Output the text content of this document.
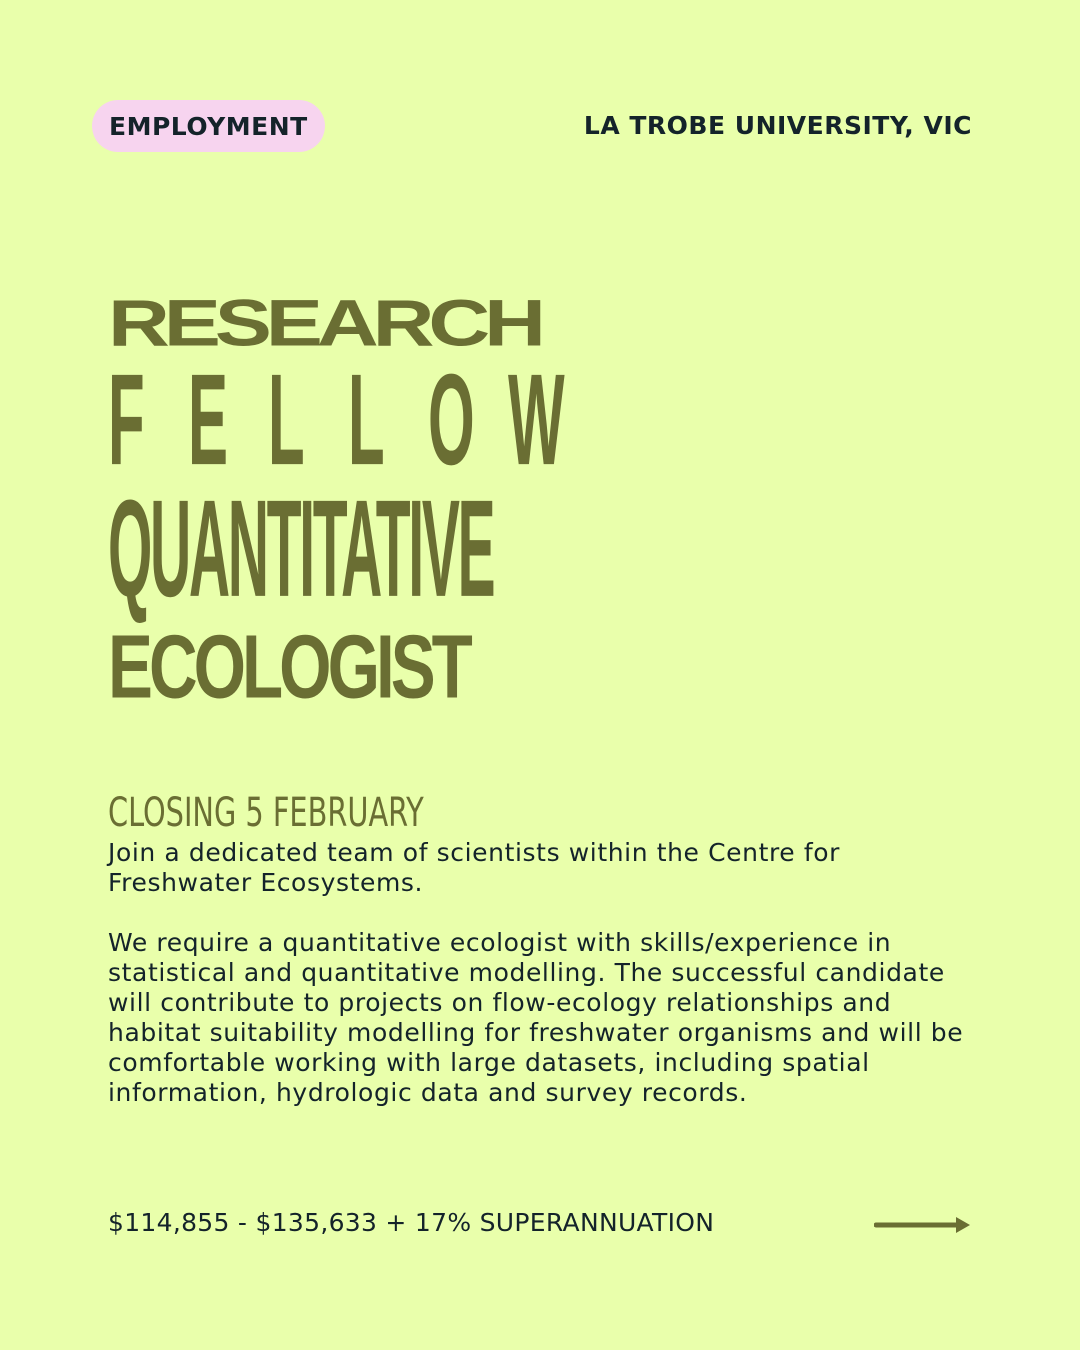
EMPLOYMENT	LA TROBE UNIVERSITY, VIC
RESEARCH
QUANTITATIVE
ECOLOGIST
CLOSING 5 FEBRUARY

Join a dedicated team of scientists within the Centre for Freshwater Ecosystems.

We require a quantitative ecologist with skills/experience in statistical and quantitative modelling. The successful candidate will contribute to projects on flow-ecology relationships and habitat suitability modelling for freshwater organisms and will be comfortable working with large datasets, including spatial information, hydrologic data and survey records.

$114,855 - $135,633 + 17% SUPERANNUATION
F E L L O W
